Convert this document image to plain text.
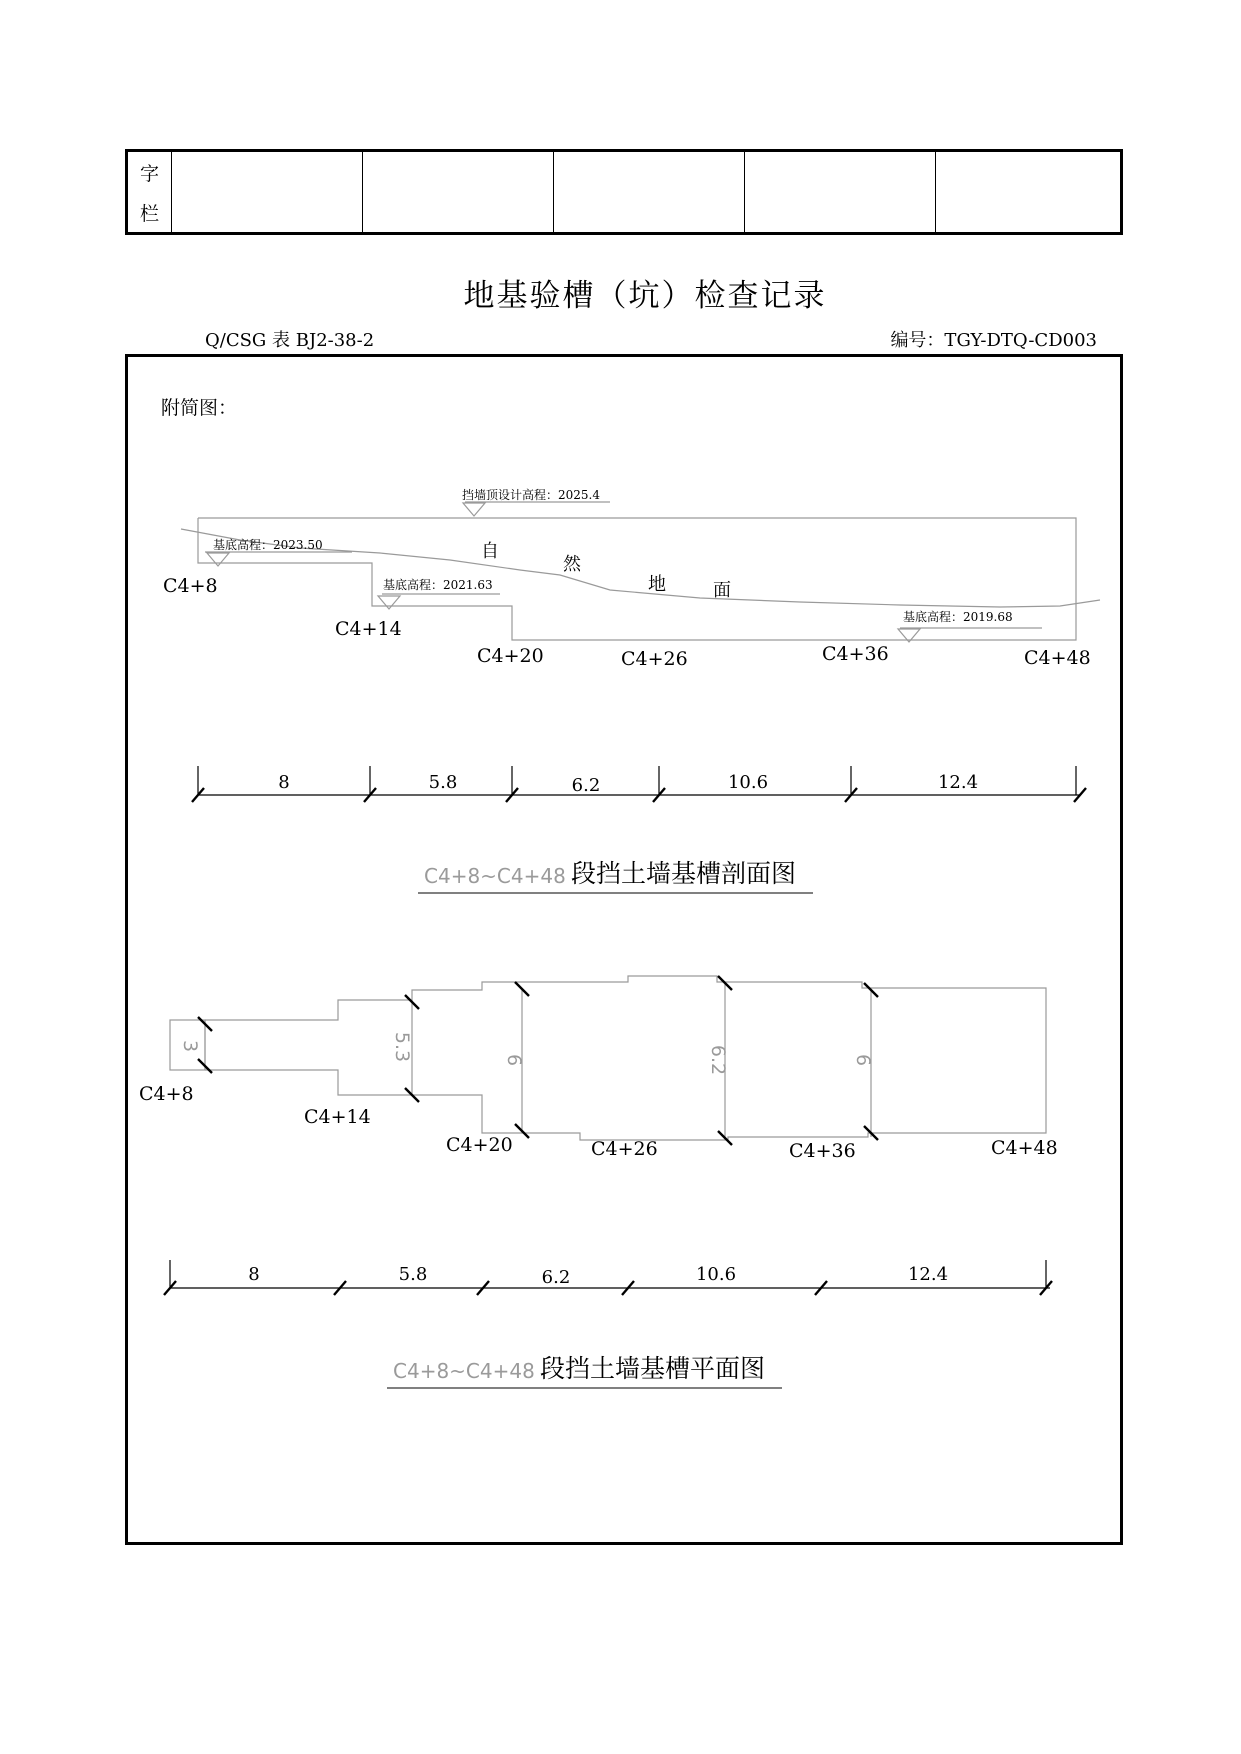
字
栏
地基验槽（坑）检查记录
Q/CSG 表 BJ2-38-2	编号：TGY-DTQ-CD003
附简图：
挡墙顶设计高程：2025.4
基底高程：2023.50
基底高程：2021.63
基底高程：2019.68
自
然
地	面
C4+8
C4+14
C4+20	C4+26	C4+36	C4+48
8	5.8	6.2	10.6	12.4
C4+8~C4+48 段挡土墙基槽剖面图
3	5.3	6	6.2	6
C4+8
C4+14
C4+20	C4+26	C4+36	C4+48
8	5.8	6.2	10.6	12.4
C4+8~C4+48 段挡土墙基槽平面图
